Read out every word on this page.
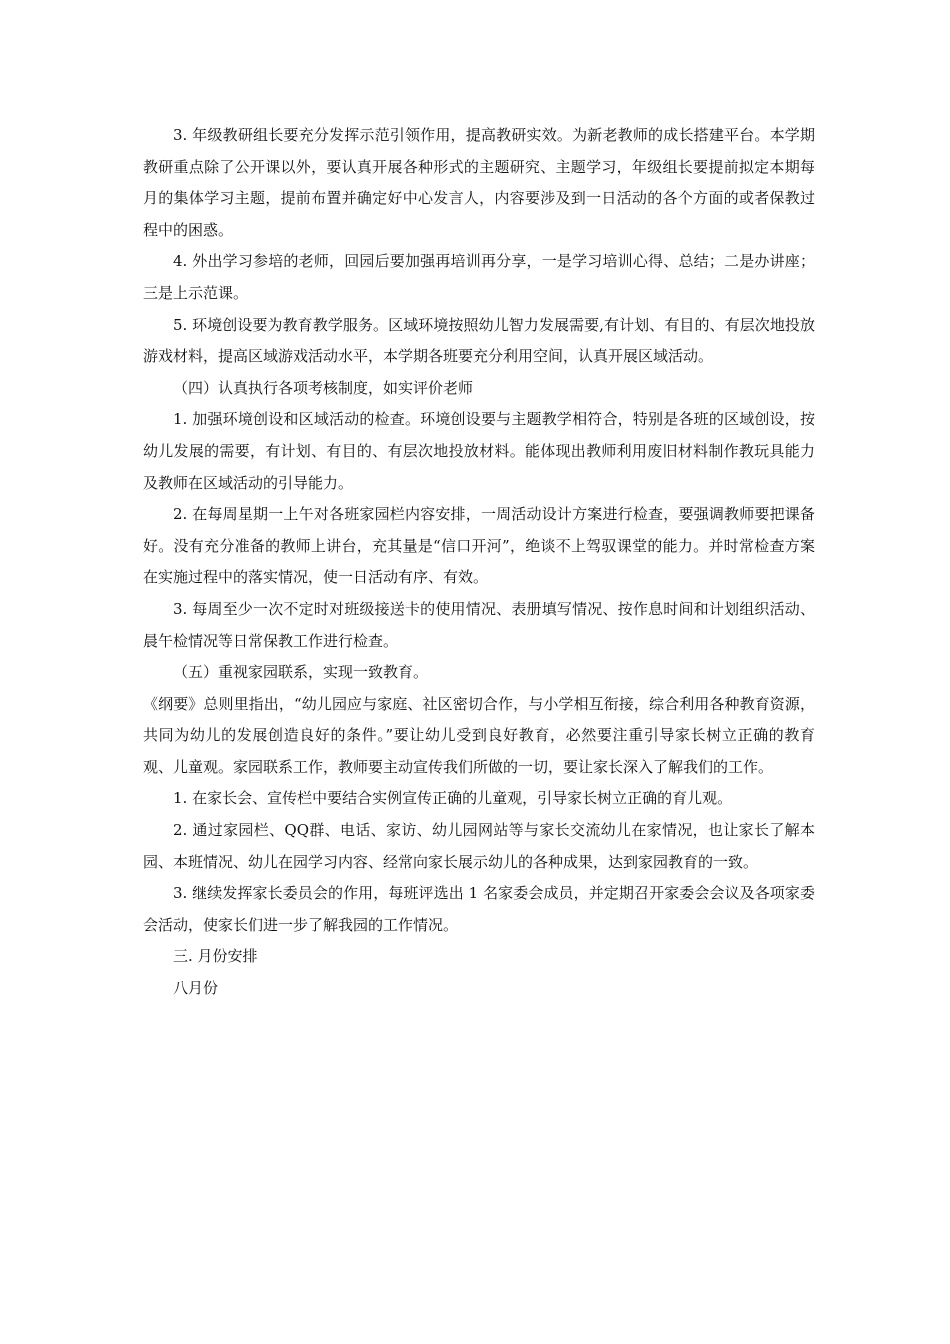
3. 年级教研组长要充分发挥示范引领作用，提高教研实效。为新老教师的成长搭建平台。本学期教研重点除了公开课以外，要认真开展各种形式的主题研究、主题学习，年级组长要提前拟定本期每月的集体学习主题，提前布置并确定好中心发言人，内容要涉及到一日活动的各个方面的或者保教过程中的困惑。

4. 外出学习参培的老师，回园后要加强再培训再分享，一是学习培训心得、总结；二是办讲座；三是上示范课。

5. 环境创设要为教育教学服务。区域环境按照幼儿智力发展需要,有计划、有目的、有层次地投放游戏材料，提高区域游戏活动水平，本学期各班要充分利用空间，认真开展区域活动。

（四）认真执行各项考核制度，如实评价老师

1. 加强环境创设和区域活动的检查。环境创设要与主题教学相符合，特别是各班的区域创设，按幼儿发展的需要，有计划、有目的、有层次地投放材料。能体现出教师利用废旧材料制作教玩具能力及教师在区域活动的引导能力。

2. 在每周星期一上午对各班家园栏内容安排，一周活动设计方案进行检查，要强调教师要把课备好。没有充分准备的教师上讲台，充其量是“信口开河”，绝谈不上驾驭课堂的能力。并时常检查方案在实施过程中的落实情况，使一日活动有序、有效。

3. 每周至少一次不定时对班级接送卡的使用情况、表册填写情况、按作息时间和计划组织活动、晨午检情况等日常保教工作进行检查。

（五）重视家园联系，实现一致教育。

《纲要》总则里指出，“幼儿园应与家庭、社区密切合作，与小学相互衔接，综合利用各种教育资源，共同为幼儿的发展创造良好的条件。”要让幼儿受到良好教育，必然要注重引导家长树立正确的教育观、儿童观。家园联系工作，教师要主动宣传我们所做的一切，要让家长深入了解我们的工作。

1. 在家长会、宣传栏中要结合实例宣传正确的儿童观，引导家长树立正确的育儿观。

2. 通过家园栏、QQ群、电话、家访、幼儿园网站等与家长交流幼儿在家情况，也让家长了解本园、本班情况、幼儿在园学习内容、经常向家长展示幼儿的各种成果，达到家园教育的一致。

3. 继续发挥家长委员会的作用，每班评选出 1 名家委会成员，并定期召开家委会会议及各项家委会活动，使家长们进一步了解我园的工作情况。

三. 月份安排

八月份
